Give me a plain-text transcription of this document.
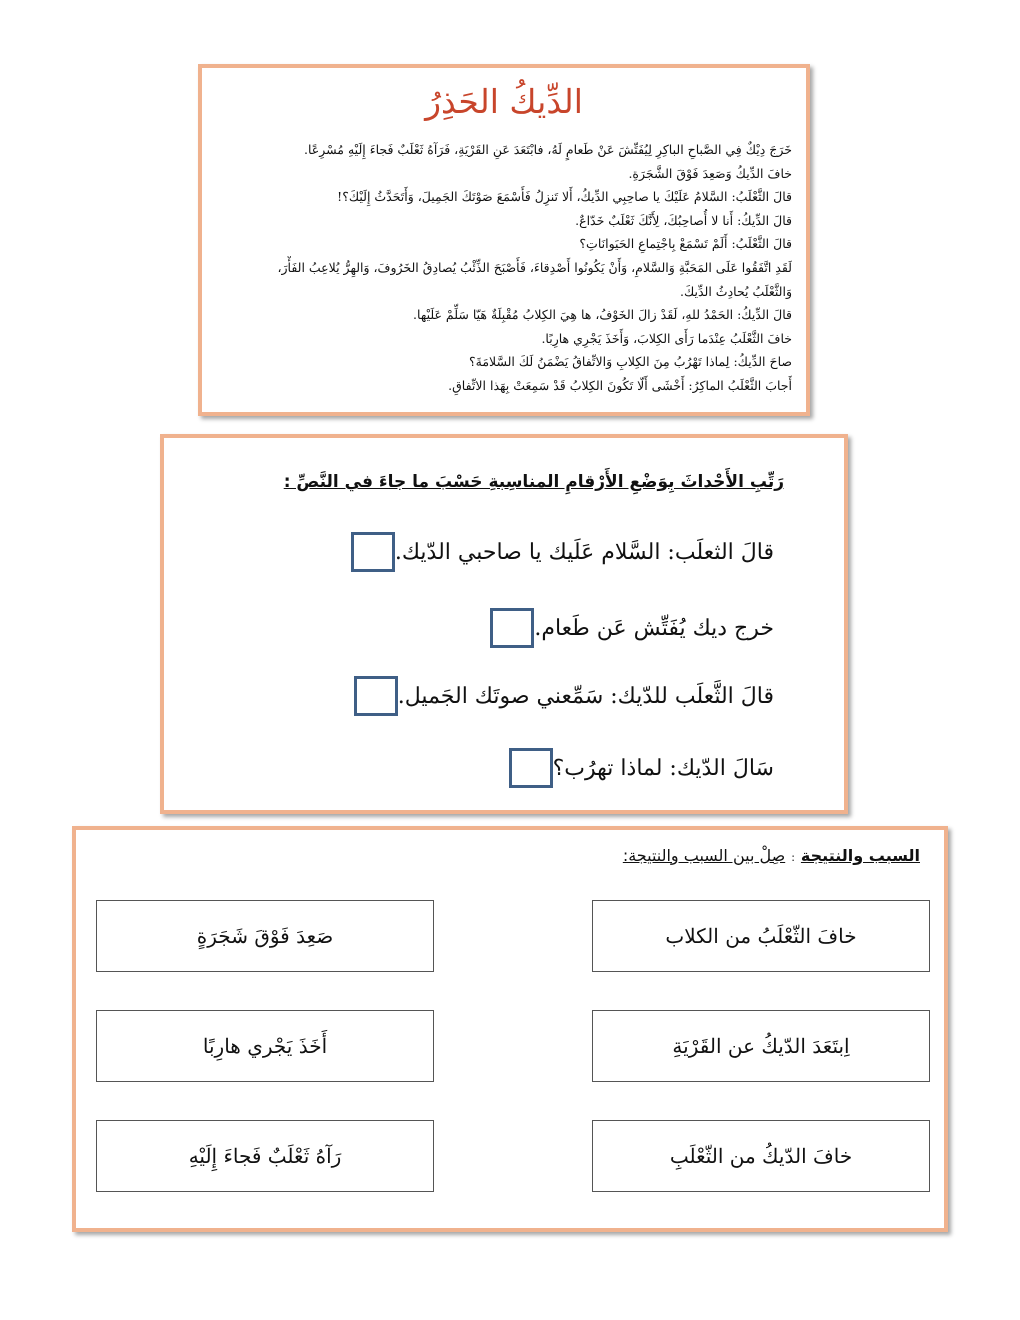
الدِّيكُ الحَذِرُ
خَرَجَ دِيْكٌ فِي الصَّباحِ الباكِرِ لِيُفَتِّشَ عَنْ طَعامٍ لَهُ، فابْتَعَدَ عَنِ القَرْيَةِ، فَرَآهُ ثَعْلَبٌ فَجاءَ إِلَيْهِ مُسْرِعًا.
خافَ الدِّيكُ وَصَعِدَ فَوْقَ الشَّجَرَةِ.
قالَ الثَّعْلَبُ: السَّلامُ عَلَيْكَ يا صاحِبِي الدِّيكُ، أَلا تَنزِلُ فَأَسْمَعَ صَوْتَكَ الجَمِيلَ، وَأَتَحَدَّثُ إِلَيْكَ؟!
قالَ الدِّيكُ: أَنا لا أُصاحِبُكَ، لِأَنَّكَ ثَعْلَبٌ خَدّاعٌ.
قالَ الثَّعْلَبُ: أَلَمْ تَسْمَعْ بِاجْتِماعِ الحَيَوانَاتِ؟
لَقَدِ اتَّفَقُوا عَلَى المَحَبَّةِ وَالسَّلامِ، وَأَنْ يَكُونُوا أَصْدِقاءَ، فَأَصْبَحَ الذِّئْبُ يُصادِقُ الخَرُوفَ، وَالهِرُّ يُلاعِبُ الفَأْرَ،
وَالثَّعْلَبُ يُحادِثُ الدِّيكَ.
قالَ الدِّيكُ: الحَمْدُ للهِ، لَقَدْ زالَ الخَوْفُ، ها هِيَ الكِلابُ مُقْبِلَةٌ هَيّا سَلِّمْ عَلَيْها.
خافَ الثَّعْلَبُ عِنْدَما رَأَى الكِلابَ، وَأَخَذَ يَجْرِي هارِبًا.
صاحَ الدِّيكُ: لِماذا تَهْرُبُ مِنَ الكِلابِ وَالاتِّفاقُ يَضْمَنُ لَكَ السَّلامَةَ؟
أَجابَ الثَّعْلَبُ الماكِرُ: أَخْشَى أَلّا تَكُونَ الكِلابُ قَدْ سَمِعَتْ بِهَذا الاتِّفاقِ.
رَتِّبِ الأَحْداثَ بِوَضْعِ الأَرْقامِ المناسِبةِ حَسْبَ ما جاءَ في النَّصِّ :
قالَ الثعلَب: السَّلام عَلَيك يا صاحبي الدّيك.
خرج ديك يُفَتِّش عَن طَعام.
قالَ الثَّعلَب للدّيك: سَمِّعني صوتَك الجَميل.
سَالَ الدّيك: لماذا تهرُب؟
السبب والنتيجة:صِلْ بين السبب والنتيجة:
خافَ الثّعْلَبُ من الكلاب
اِبتَعَدَ الدّيكُ عن القَرْيَةِ
خافَ الدّيكُ من الثّعْلَبِ
صَعِدَ فَوْقَ شَجَرَةٍ
أَخَذَ يَجْري هارِبًا
رَآهُ ثَعْلَبٌ فَجاءَ إِلَيْهِ
